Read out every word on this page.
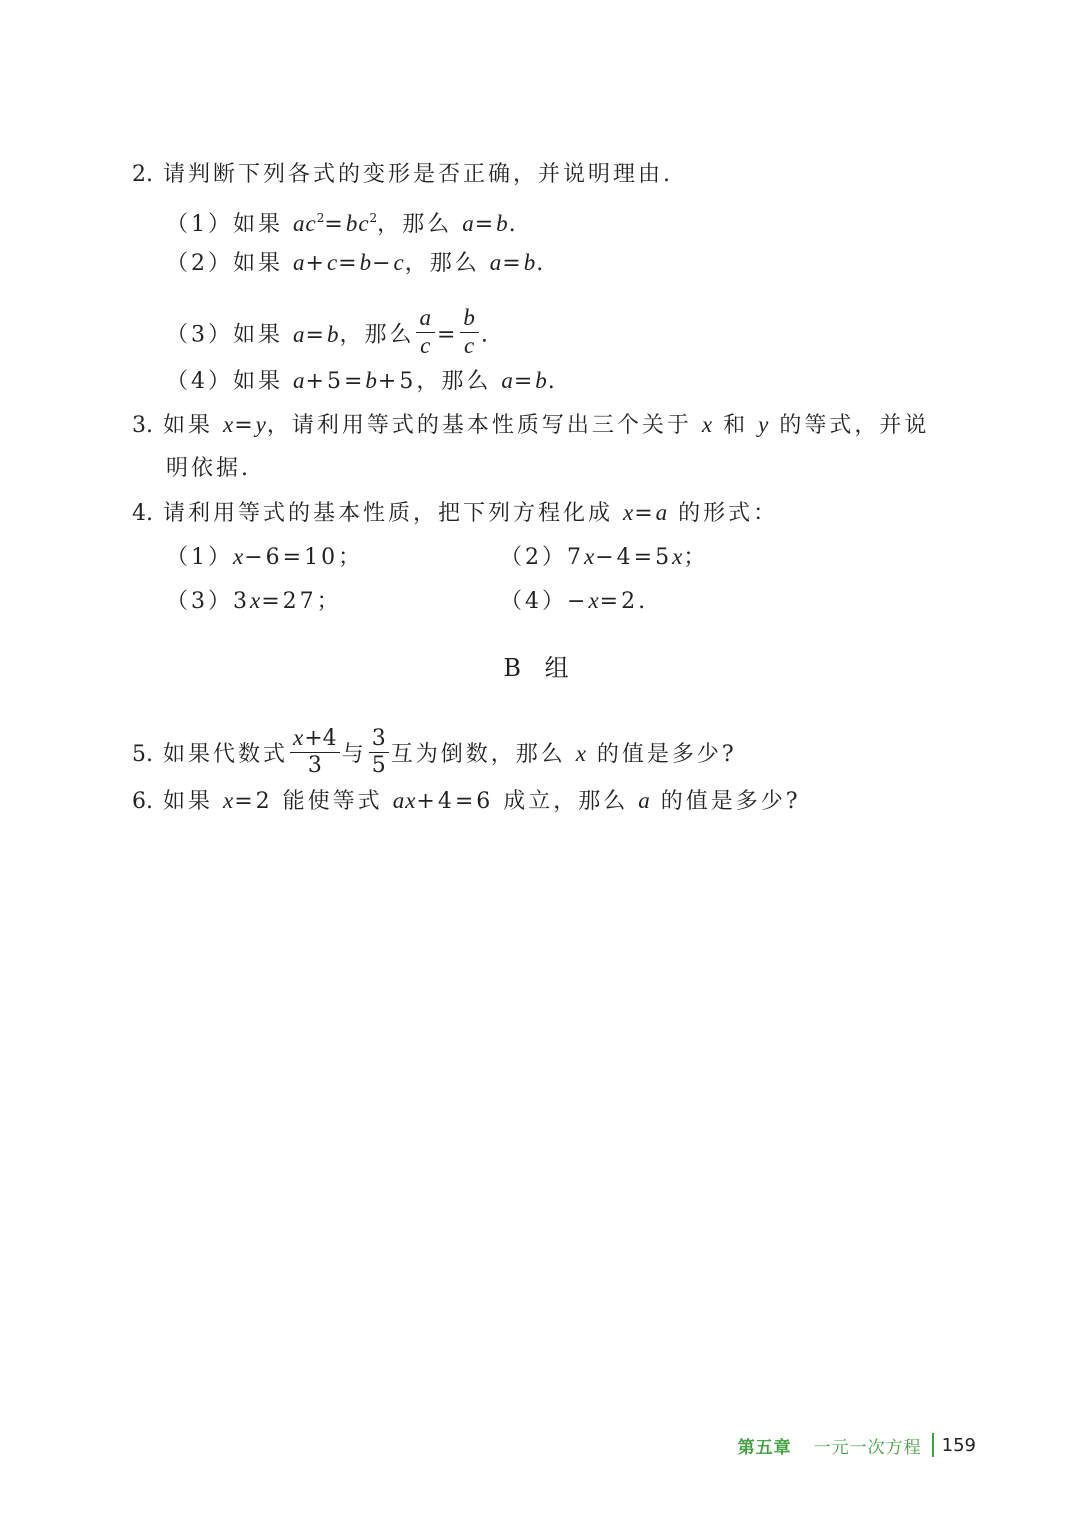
2. 请判断下列各式的变形是否正确，并说明理由.
（1）如果 $ac^2=bc^2$，那么 a=b.
（2）如果 a+c=b−c，那么 a=b.
（3）如果 a=b，那么 $\frac{a}{c} = \frac{b}{c}$ .
（4）如果 a+5=b+5，那么 a=b.
3. 如果 x=y，请利用等式的基本性质写出三个关于 x 和 y 的等式，并说
明依据.
4. 请利用等式的基本性质，把下列方程化成 x=a 的形式：
（1）x−6=10；	（2）7x−4=5x；
（3）3x=27；	（4）−x=2.
B 组
5. 如果代数式 $\frac{x+4}{3}$ 与 $\frac{3}{5}$ 互为倒数，那么 x 的值是多少?
6. 如果 x=2 能使等式 ax+4=6 成立，那么 a 的值是多少?
第五章 一元一次方程 159
